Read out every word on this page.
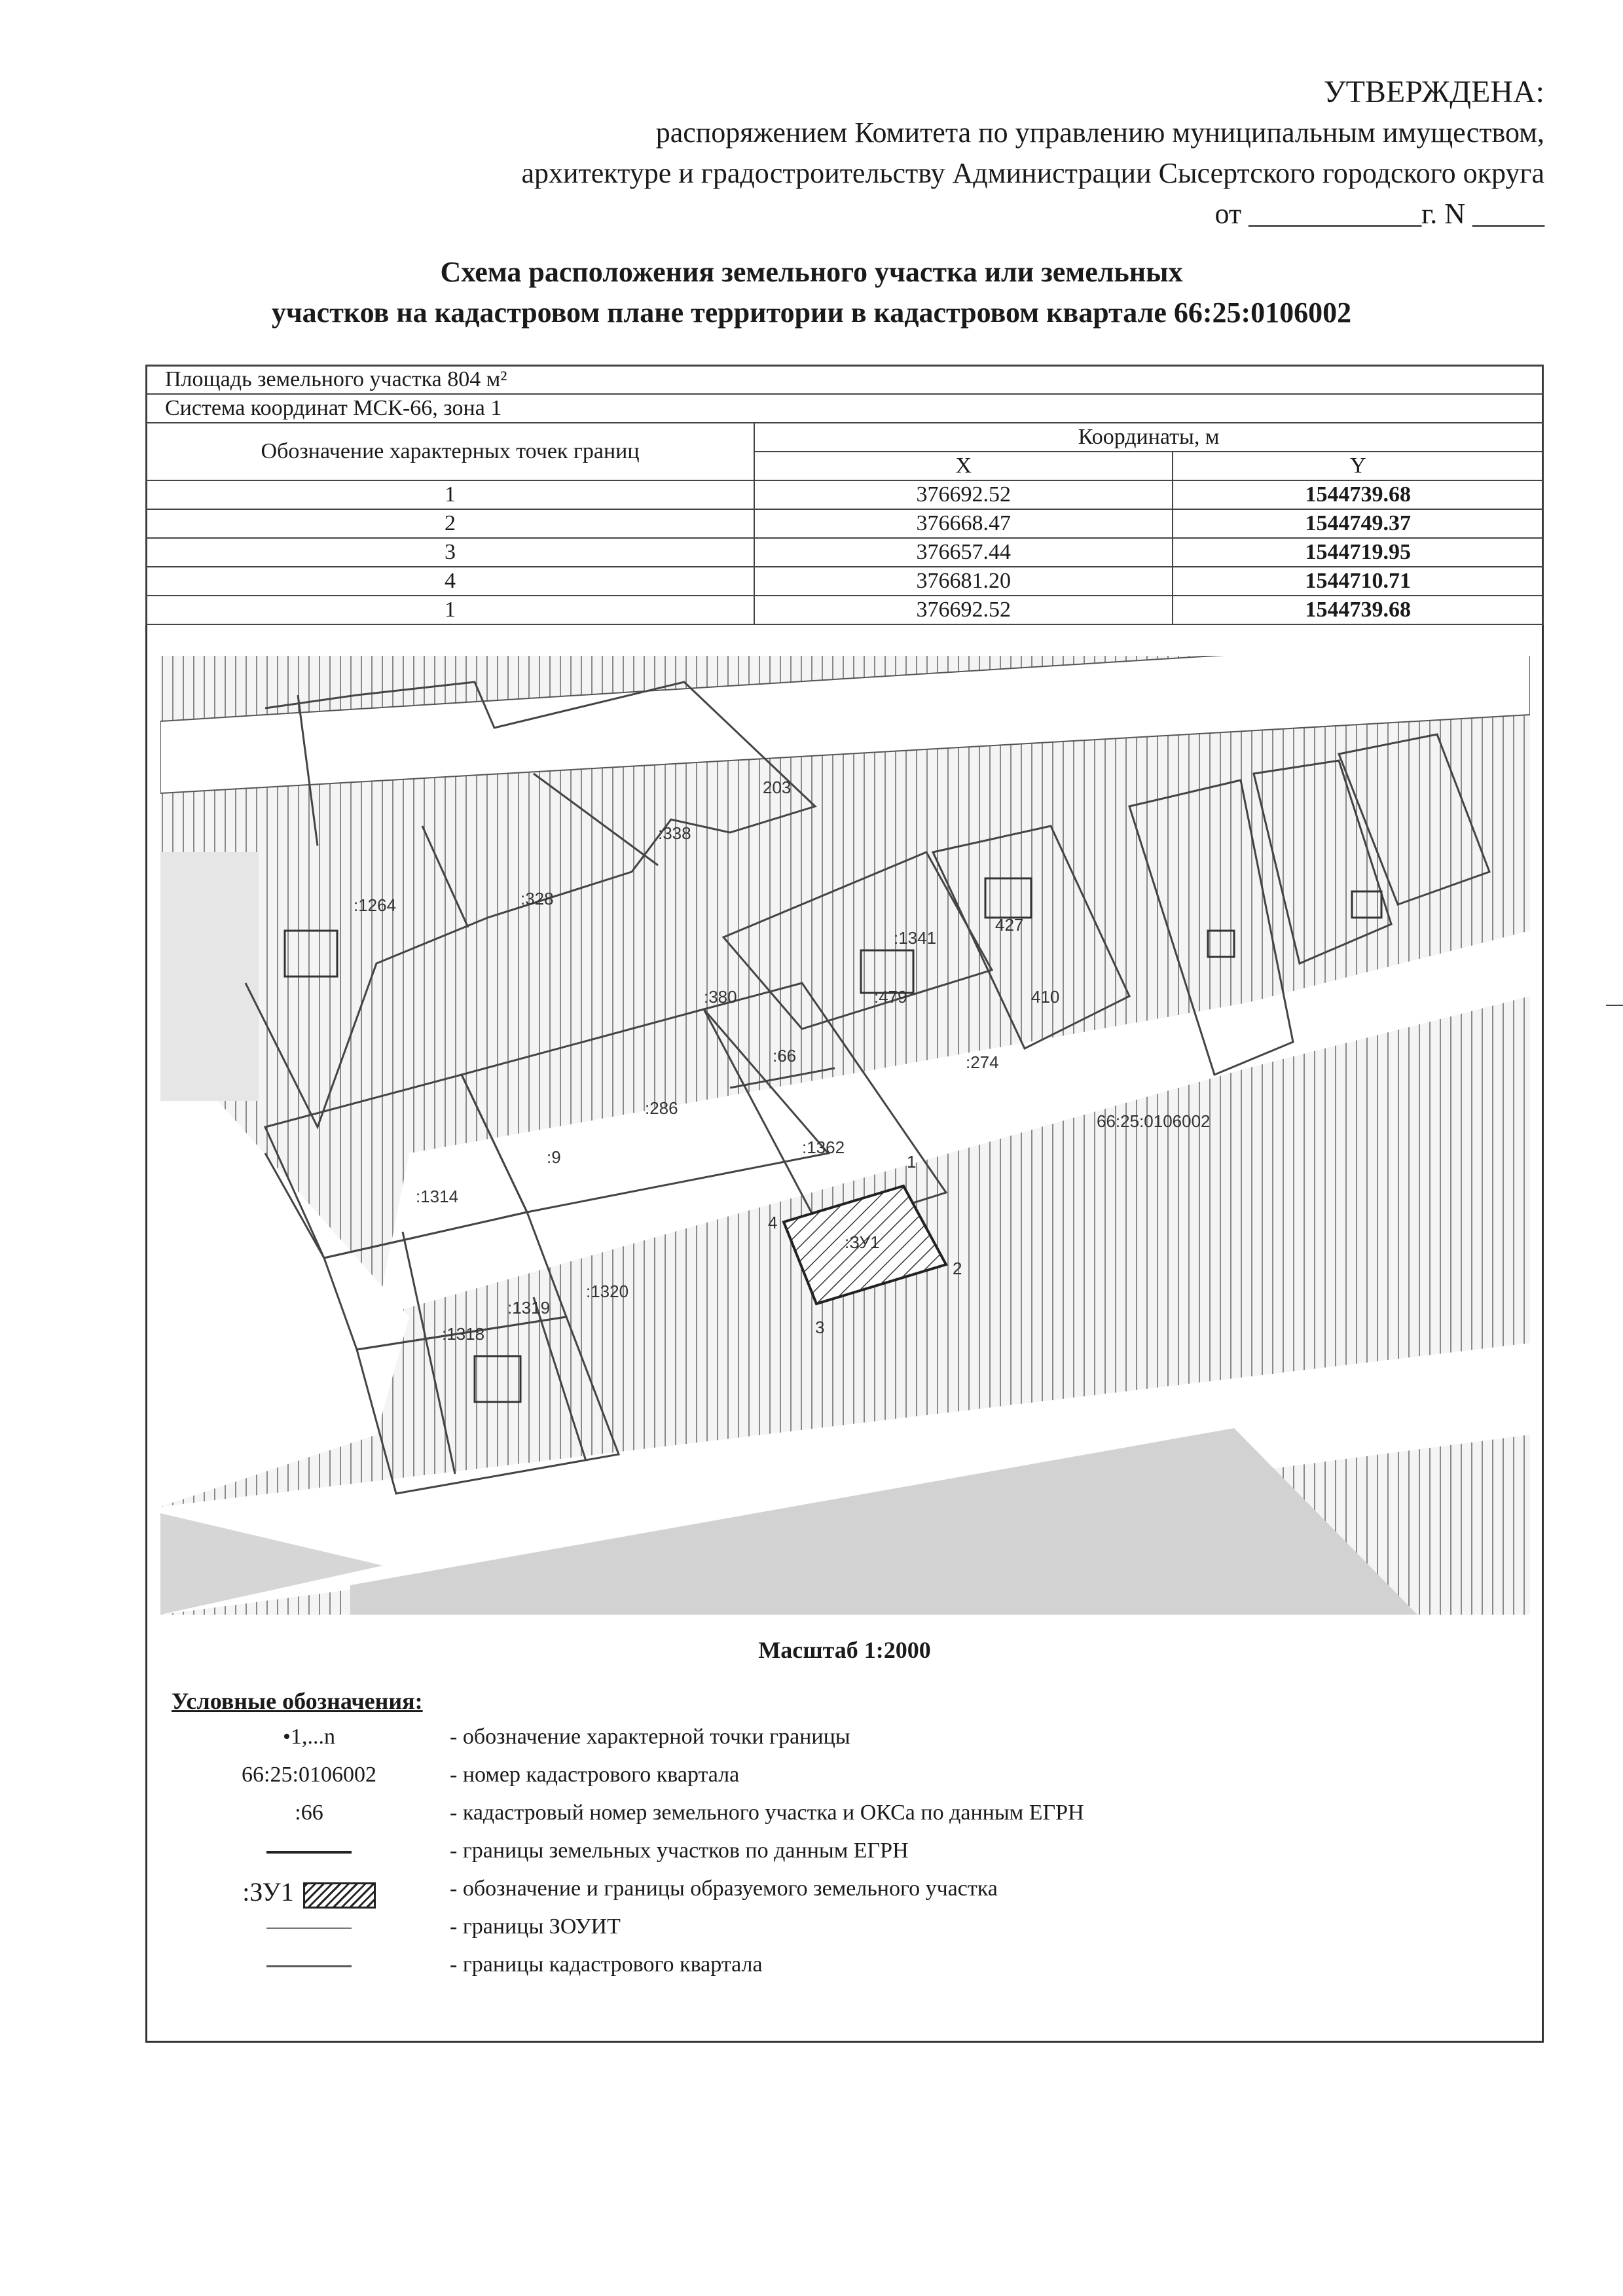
УТВЕРЖДЕНА:
распоряжением Комитета по управлению муниципальным имуществом,
архитектуре и градостроительству Администрации Сысертского городского округа
от ____________г. N _____
Схема расположения земельного участка или земельных
участков на кадастровом плане территории в кадастровом квартале 66:25:0106002
Площадь земельного участка 804 м²		
Система координат МСК-66, зона 1		
Обозначение характерных точек границ	Координаты, м	
	X	Y
1	376692.52	1544739.68
2	376668.47	1544749.37
3	376657.44	1544719.95
4	376681.20	1544710.71
1	376692.52	1544739.68
:1264	:328
:338
203
:1341
427
410
:479
:380
:66
:286
:274
:9
:1314
:1362
:1319
:1320
:1318
66:25:0106002
:ЗУ1
1
2
3
4
Масштаб 1:2000
Условные обозначения:
•1,...n	- обозначение характерной точки границы
66:25:0106002	- номер кадастрового квартала
:66	- кадастровый номер земельного участка и ОКСа по данным ЕГРН
- границы земельных участков по данным ЕГРН
:ЗУ1	- обозначение и границы образуемого земельного участка
- границы ЗОУИТ
- границы кадастрового квартала
